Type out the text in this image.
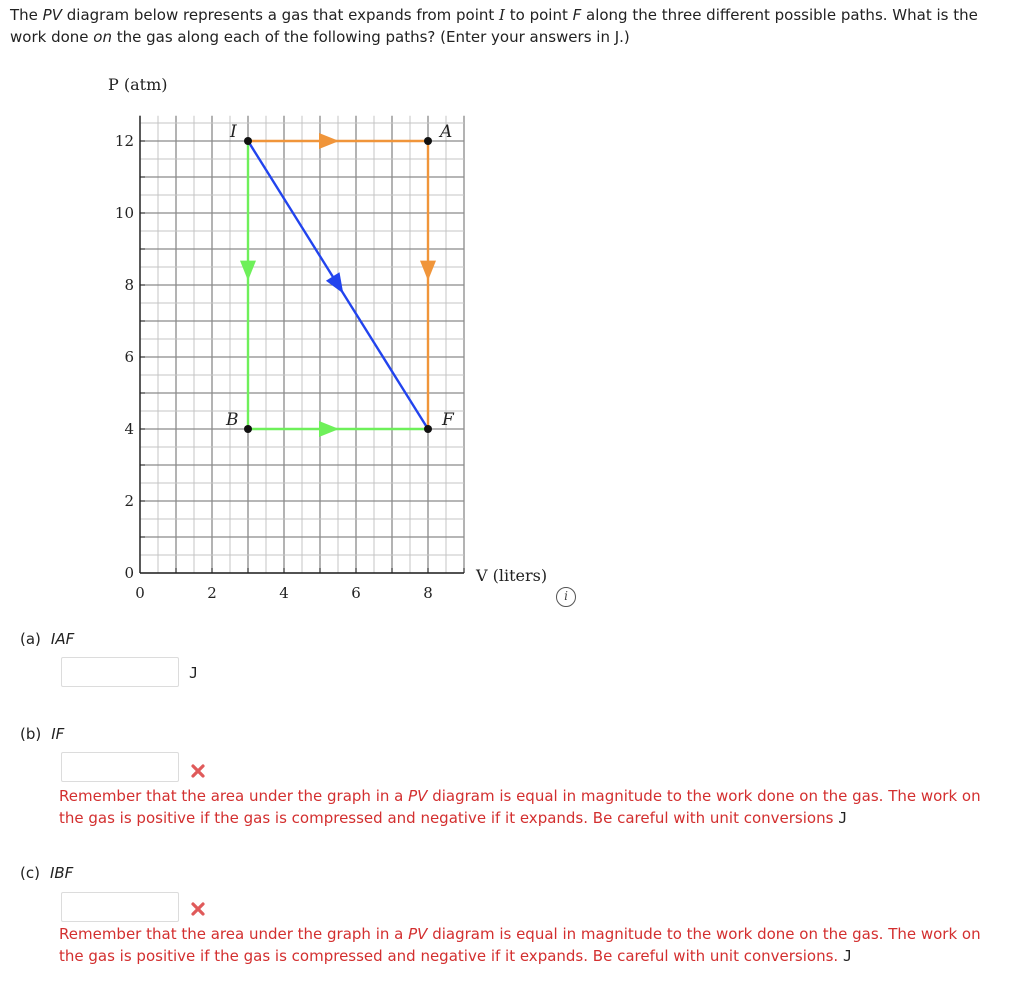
The PV diagram below represents a gas that expands from point I to point F along the three different possible paths. What is the work done on the gas along each of the following paths? (Enter your answers in J.)

0	2	4	6	8
0
2
4
6
8
10
12	I	A
B	F
P (atm)
V (liters)
i
(a) IAF
J
(b) IF

Remember that the area under the graph in a PV diagram is equal in magnitude to the work done on the gas. The work on the gas is positive if the gas is compressed and negative if it expands. Be careful with unit conversions J

(c) IBF

Remember that the area under the graph in a PV diagram is equal in magnitude to the work done on the gas. The work on the gas is positive if the gas is compressed and negative if it expands. Be careful with unit conversions. J
